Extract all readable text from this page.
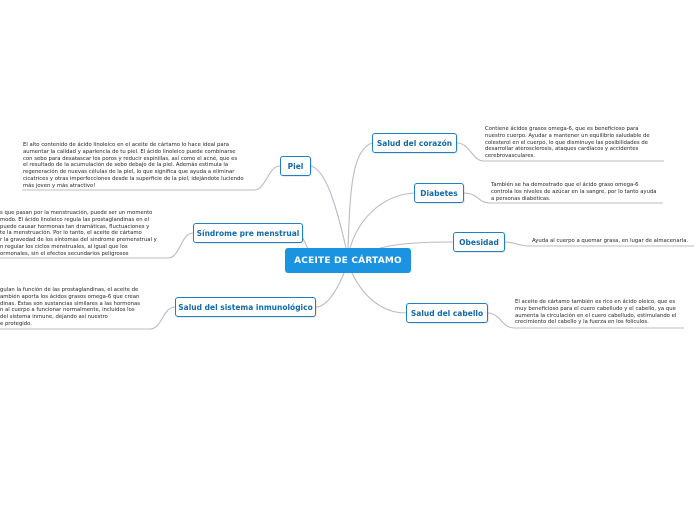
ACEITE DE CÁRTAMO
Salud del corazón
Diabetes
Obesidad
Salud del cabello
Piel
Síndrome pre menstrual
Salud del sistema inmunológico
Contiene ácidos grasos omega-6, que es beneficioso para
nuestro cuerpo. Ayudar a mantener un equilibrio saludable de
colesterol en el cuerpo, lo que disminuye las posibilidades de
desarrollar aterosclerosis, ataques cardíacos y accidentes
cerebrovasculares.
También se ha demostrado que el ácido graso omega-6
controla los niveles de azúcar en la sangre, por lo tanto ayuda
a personas diabéticas.
Ayuda al cuerpo a quemar grasa, en lugar de almacenarla.
El aceite de cártamo también es rico en ácido oleico, que es
muy beneficioso para el cuero cabelludo y el cabello, ya que
aumenta la circulación en el cuero cabelludo, estimulando el
crecimiento del cabello y la fuerza en los folículos.
El alto contenido de ácido linoleico en el aceite de cártamo lo hace ideal para
aumentar la calidad y apariencia de tu piel. El ácido linoleico puede combinarse
con sebo para desatascar los poros y reducir espinillas, así como el acné, que es
el resultado de la acumulación de sebo debajo de la piel. Además estimula la
regeneración de nuevas células de la piel, lo que significa que ayuda a eliminar
cicatrices y otras imperfecciones desde la superficie de la piel, idejándote luciendo
más joven y más atractivo!
s que pasan por la menstruación, puede ser un momento
modo. El ácido linoleico regula las prostaglandinas en el
puede causar hormonas tan dramáticas, fluctuaciones y
te la menstruación. Por lo tanto, el aceite de cártamo
r la gravedad de los síntomas del síndrome premenstrual y
n regular los ciclos menstruales, al igual que los
ormonales, sin el efectos secundarios peligrosos
gulan la función de las prostaglandinas, el aceite de
ambién aporta los ácidos grasos omega-6 que crean
dinas. Estas son sustancias similares a las hormonas
n al cuerpo a funcionar normalmente, incluidos los
del sistema inmune, dejando así nuestro
e protegido.
